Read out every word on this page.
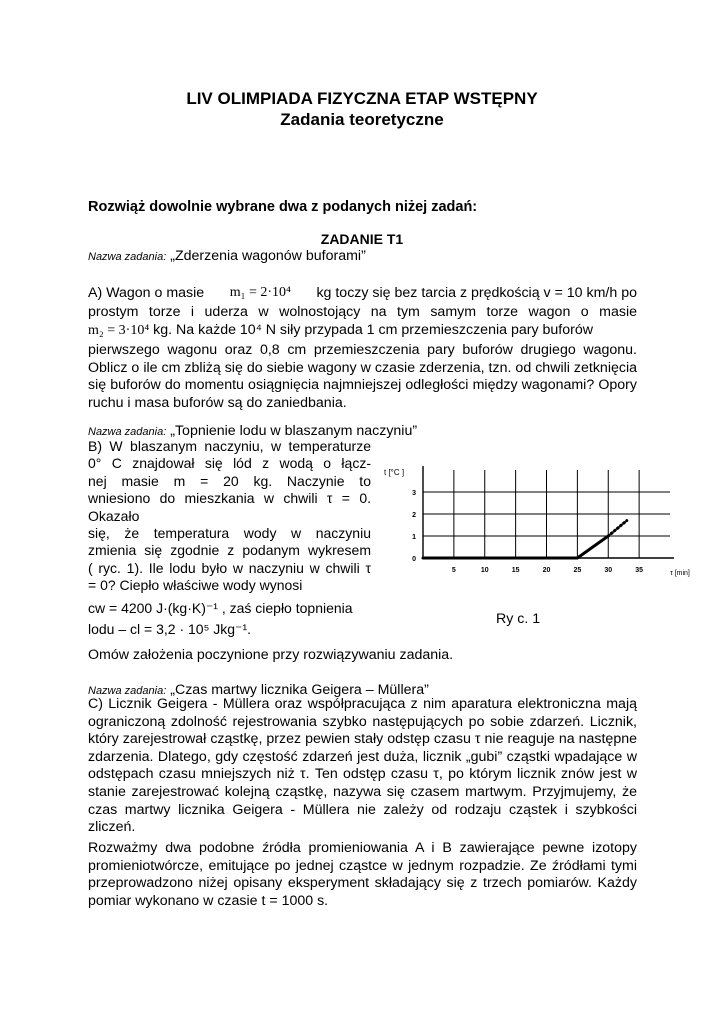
LIV OLIMPIADA FIZYCZNA ETAP WSTĘPNY
Zadania teoretyczne
Rozwiąż dowolnie wybrane dwa z podanych niżej zadań:
ZADANIE T1
Nazwa zadania: „Zderzenia wagonów buforami”
A) Wagon o masie m₁ = 2·10⁴ kg toczy się bez tarcia z prędkością v = 10 km/h po
prostym torze i uderza w wolnostojący na tym samym torze wagon o masie
m₂ = 3·10⁴ kg. Na każde 10⁴ N siły przypada 1 cm przemieszczenia pary buforów

pierwszego wagonu oraz 0,8 cm przemieszczenia pary buforów drugiego wagonu. Oblicz o ile cm zbliżą się do siebie wagony w czasie zderzenia, tzn. od chwili zetknięcia się buforów do momentu osiągnięcia najmniejszej odległości między wagonami? Opory ruchu i masa buforów są do zaniedbania.

Nazwa zadania: „Topnienie lodu w blaszanym naczyniu”
B) W blaszanym naczyniu, w temperaturze
0° C znajdował się lód z wodą o łącz-
nej masie m = 20 kg. Naczynie to
wniesiono do mieszkania w chwili τ = 0.
Okazało
się, że temperatura wody w naczyniu
zmienia się zgodnie z podanym wykresem
( ryc. 1). Ile lodu było w naczyniu w chwili τ
= 0? Ciepło właściwe wody wynosi
cw = 4200 J·(kg·K)⁻¹ , zaś ciepło topnienia
lodu – cl = 3,2 · 10⁵ Jkg⁻¹.
t [°C ]
τ [min]
5	10	15	20	25	30	35
0
1
2
3
Ry c. 1
Omów założenia poczynione przy rozwiązywaniu zadania.
Nazwa zadania: „Czas martwy licznika Geigera – Müllera”

C) Licznik Geigera - Müllera oraz współpracująca z nim aparatura elektroniczna mają ograniczoną zdolność rejestrowania szybko następujących po sobie zdarzeń. Licznik, który zarejestrował cząstkę, przez pewien stały odstęp czasu τ nie reaguje na następne zdarzenia. Dlatego, gdy częstość zdarzeń jest duża, licznik „gubi” cząstki wpadające w odstępach czasu mniejszych niż τ. Ten odstęp czasu τ, po którym licznik znów jest w stanie zarejestrować kolejną cząstkę, nazywa się czasem martwym. Przyjmujemy, że czas martwy licznika Geigera - Müllera nie zależy od rodzaju cząstek i szybkości zliczeń.

Rozważmy dwa podobne źródła promieniowania A i B zawierające pewne izotopy promieniotwórcze, emitujące po jednej cząstce w jednym rozpadzie. Ze źródłami tymi przeprowadzono niżej opisany eksperyment składający się z trzech pomiarów. Każdy pomiar wykonano w czasie t = 1000 s.
